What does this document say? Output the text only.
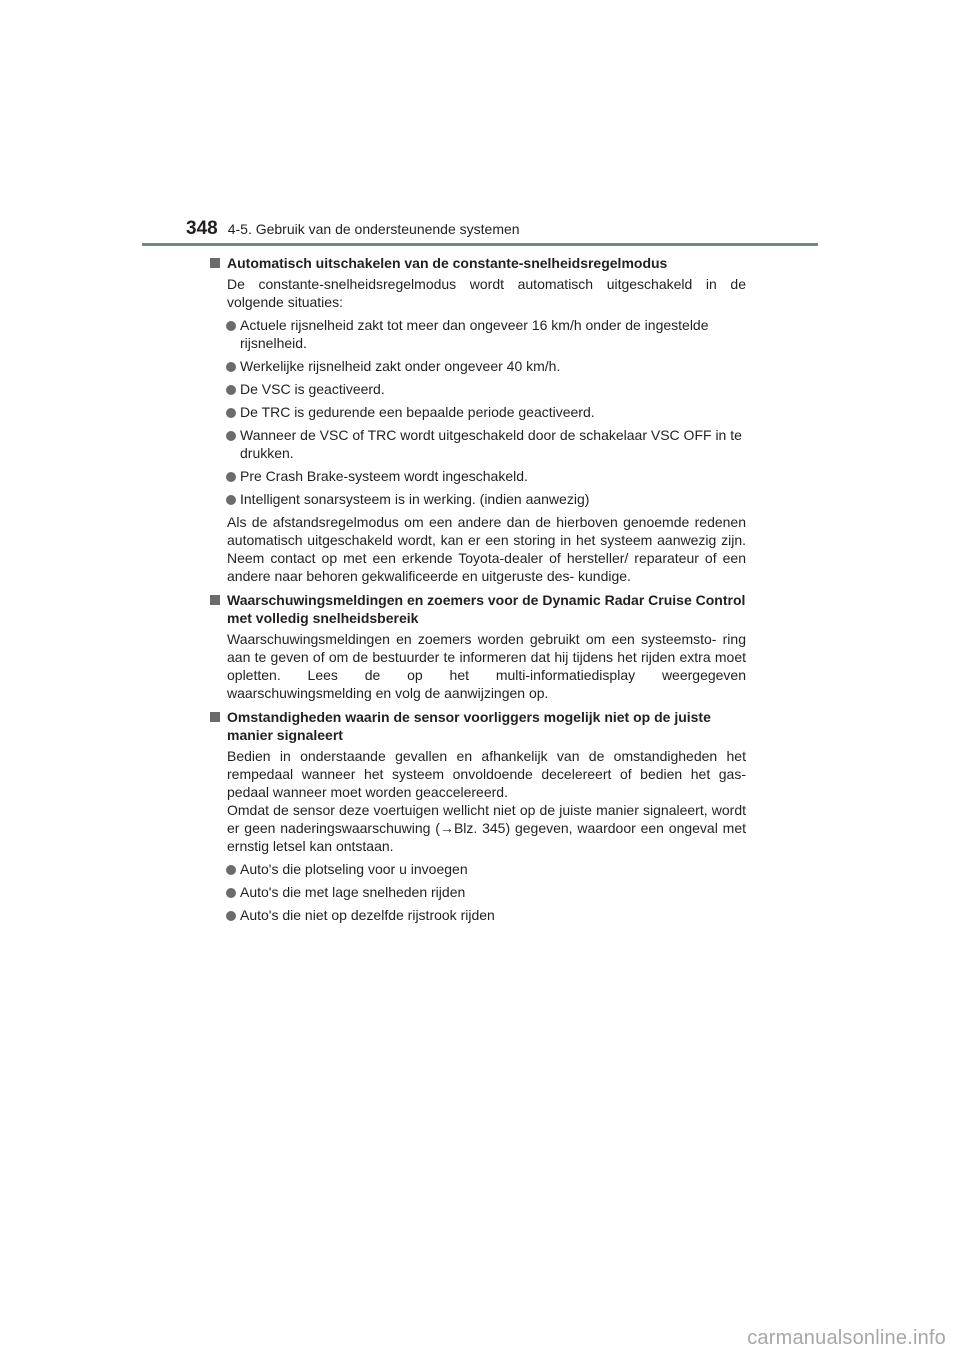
348 4-5. Gebruik van de ondersteunende systemen
Automatisch uitschakelen van de constante-snelheidsregelmodus
De constante-snelheidsregelmodus wordt automatisch uitgeschakeld in de volgende situaties:
Actuele rijsnelheid zakt tot meer dan ongeveer 16 km/h onder de ingestelde rijsnelheid.
Werkelijke rijsnelheid zakt onder ongeveer 40 km/h.
De VSC is geactiveerd.
De TRC is gedurende een bepaalde periode geactiveerd.
Wanneer de VSC of TRC wordt uitgeschakeld door de schakelaar VSC OFF in te drukken.
Pre Crash Brake-systeem wordt ingeschakeld.
Intelligent sonarsysteem is in werking. (indien aanwezig)
Als de afstandsregelmodus om een andere dan de hierboven genoemde redenen automatisch uitgeschakeld wordt, kan er een storing in het systeem aanwezig zijn. Neem contact op met een erkende Toyota-dealer of hersteller/ reparateur of een andere naar behoren gekwalificeerde en uitgeruste des- kundige.
Waarschuwingsmeldingen en zoemers voor de Dynamic Radar Cruise Control met volledig snelheidsbereik
Waarschuwingsmeldingen en zoemers worden gebruikt om een systeemsto- ring aan te geven of om de bestuurder te informeren dat hij tijdens het rijden extra moet opletten. Lees de op het multi-informatiedisplay weergegeven waarschuwingsmelding en volg de aanwijzingen op.
Omstandigheden waarin de sensor voorliggers mogelijk niet op de juiste manier signaleert
Bedien in onderstaande gevallen en afhankelijk van de omstandigheden het rempedaal wanneer het systeem onvoldoende decelereert of bedien het gas- pedaal wanneer moet worden geaccelereerd.
Omdat de sensor deze voertuigen wellicht niet op de juiste manier signaleert, wordt er geen naderingswaarschuwing (→Blz. 345) gegeven, waardoor een ongeval met ernstig letsel kan ontstaan.
Auto's die plotseling voor u invoegen
Auto's die met lage snelheden rijden
Auto's die niet op dezelfde rijstrook rijden
carmanualsonline.info
